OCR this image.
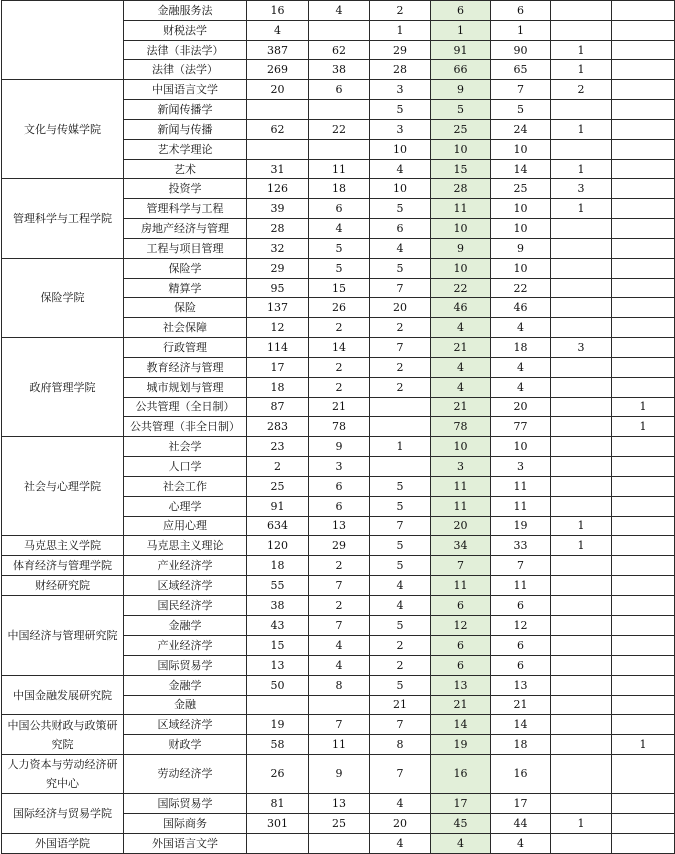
	金融服务法	16	4	2	6	6		
	财税法学	4		1	1	1		
	法律（非法学）	387	62	29	91	90	1	
	法律（法学）	269	38	28	66	65	1	
文化与传媒学院	中国语言文学	20	6	3	9	7	2	
	新闻传播学			5	5	5		
	新闻与传播	62	22	3	25	24	1	
	艺术学理论			10	10	10		
	艺术	31	11	4	15	14	1	
管理科学与工程学院	投资学	126	18	10	28	25	3	
	管理科学与工程	39	6	5	11	10	1	
	房地产经济与管理	28	4	6	10	10		
	工程与项目管理	32	5	4	9	9		
保险学院	保险学	29	5	5	10	10		
	精算学	95	15	7	22	22		
	保险	137	26	20	46	46		
	社会保障	12	2	2	4	4		
政府管理学院	行政管理	114	14	7	21	18	3	
	教育经济与管理	17	2	2	4	4		
	城市规划与管理	18	2	2	4	4		
	公共管理（全日制）	87	21		21	20		1
	公共管理（非全日制）	283	78		78	77		1
社会与心理学院	社会学	23	9	1	10	10		
	人口学	2	3		3	3		
	社会工作	25	6	5	11	11		
	心理学	91	6	5	11	11		
	应用心理	634	13	7	20	19	1	
马克思主义学院	马克思主义理论	120	29	5	34	33	1	
体育经济与管理学院	产业经济学	18	2	5	7	7		
财经研究院	区域经济学	55	7	4	11	11		
中国经济与管理研究院	国民经济学	38	2	4	6	6		
	金融学	43	7	5	12	12		
	产业经济学	15	4	2	6	6		
	国际贸易学	13	4	2	6	6		
中国金融发展研究院	金融学	50	8	5	13	13		
	金融			21	21	21		
中国公共财政与政策研究院	区域经济学	19	7	7	14	14		
	财政学	58	11	8	19	18		1
人力资本与劳动经济研究中心	劳动经济学	26	9	7	16	16		
国际经济与贸易学院	国际贸易学	81	13	4	17	17		
	国际商务	301	25	20	45	44	1	
外国语学院	外国语言文学			4	4	4		
